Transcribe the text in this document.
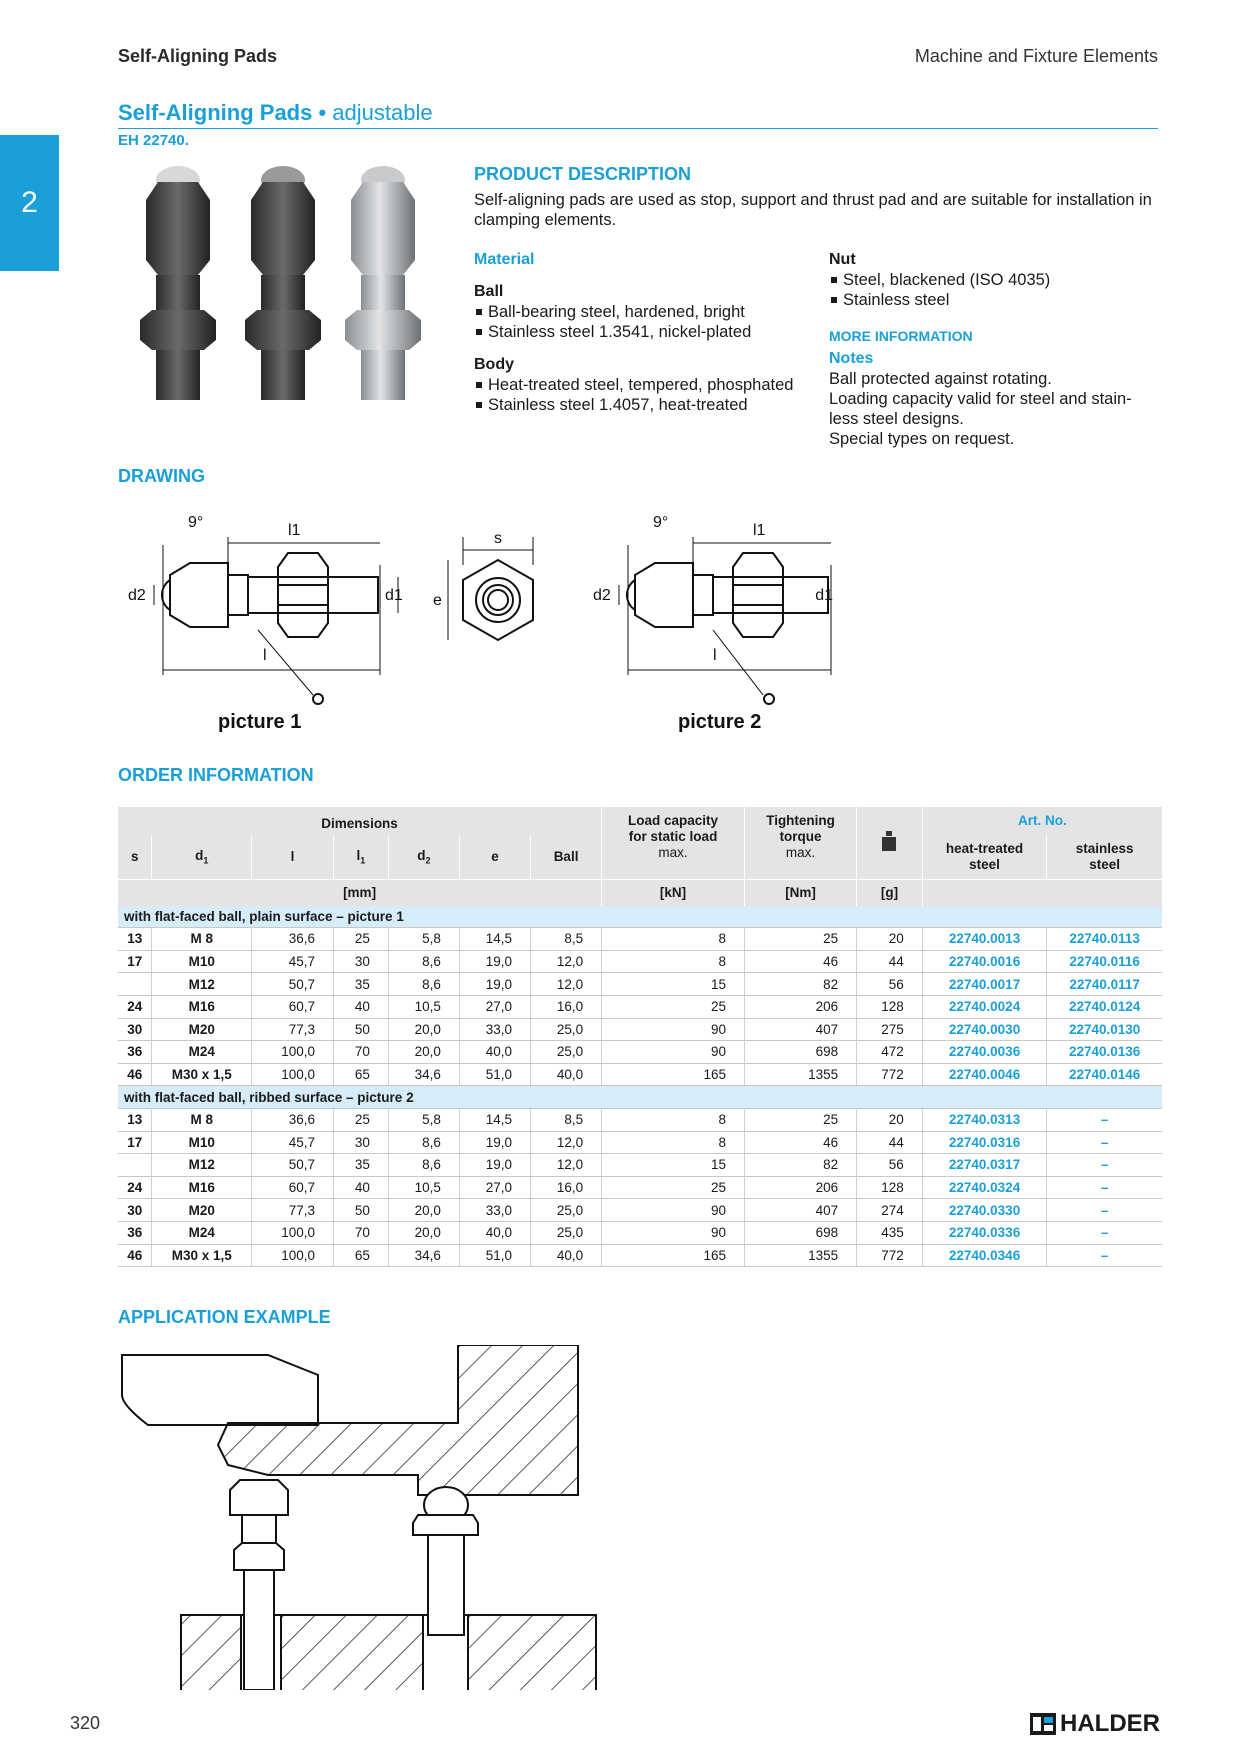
Self-Aligning Pads	Machine and Fixture Elements
2
Self-Aligning Pads • adjustable
EH 22740.
PRODUCT DESCRIPTION
Self-aligning pads are used as stop, support and thrust pad and are suitable for installation in clamping elements.
Material
Ball
Ball-bearing steel, hardened, bright
Stainless steel 1.3541, nickel-plated
Body
Heat-treated steel, tempered, phosphated
Stainless steel 1.4057, heat-treated
Nut
Steel, blackened (ISO 4035)
Stainless steel
MORE INFORMATION
Notes
Ball protected against rotating.
Loading capacity valid for steel and stain-
less steel designs.
Special types on request.
DRAWING
l1
l
9°
d2	d1
s
e
l1
l
9°
d2	d1
picture 1	picture 2
ORDER INFORMATION
Dimensions							Load capacity
for static load
max.	Tightening
torque
max.		Art. No.	
s	$d_1$	l	$l_1$	$d_2$	e	Ball				heat-treated
steel	stainless
steel
[mm]							[kN]	[Nm]	[g]		
with flat-faced ball, plain surface – picture 1											
13	M 8	36,6	25	5,8	14,5	8,5	8	25	20	22740.0013	22740.0113
17	M10	45,7	30	8,6	19,0	12,0	8	46	44	22740.0016	22740.0116
	M12	50,7	35	8,6	19,0	12,0	15	82	56	22740.0017	22740.0117
24	M16	60,7	40	10,5	27,0	16,0	25	206	128	22740.0024	22740.0124
30	M20	77,3	50	20,0	33,0	25,0	90	407	275	22740.0030	22740.0130
36	M24	100,0	70	20,0	40,0	25,0	90	698	472	22740.0036	22740.0136
46	M30 x 1,5	100,0	65	34,6	51,0	40,0	165	1355	772	22740.0046	22740.0146
with flat-faced ball, ribbed surface – picture 2											
13	M 8	36,6	25	5,8	14,5	8,5	8	25	20	22740.0313	–
17	M10	45,7	30	8,6	19,0	12,0	8	46	44	22740.0316	–
	M12	50,7	35	8,6	19,0	12,0	15	82	56	22740.0317	–
24	M16	60,7	40	10,5	27,0	16,0	25	206	128	22740.0324	–
30	M20	77,3	50	20,0	33,0	25,0	90	407	274	22740.0330	–
36	M24	100,0	70	20,0	40,0	25,0	90	698	435	22740.0336	–
46	M30 x 1,5	100,0	65	34,6	51,0	40,0	165	1355	772	22740.0346	–
APPLICATION EXAMPLE
320	HALDER
